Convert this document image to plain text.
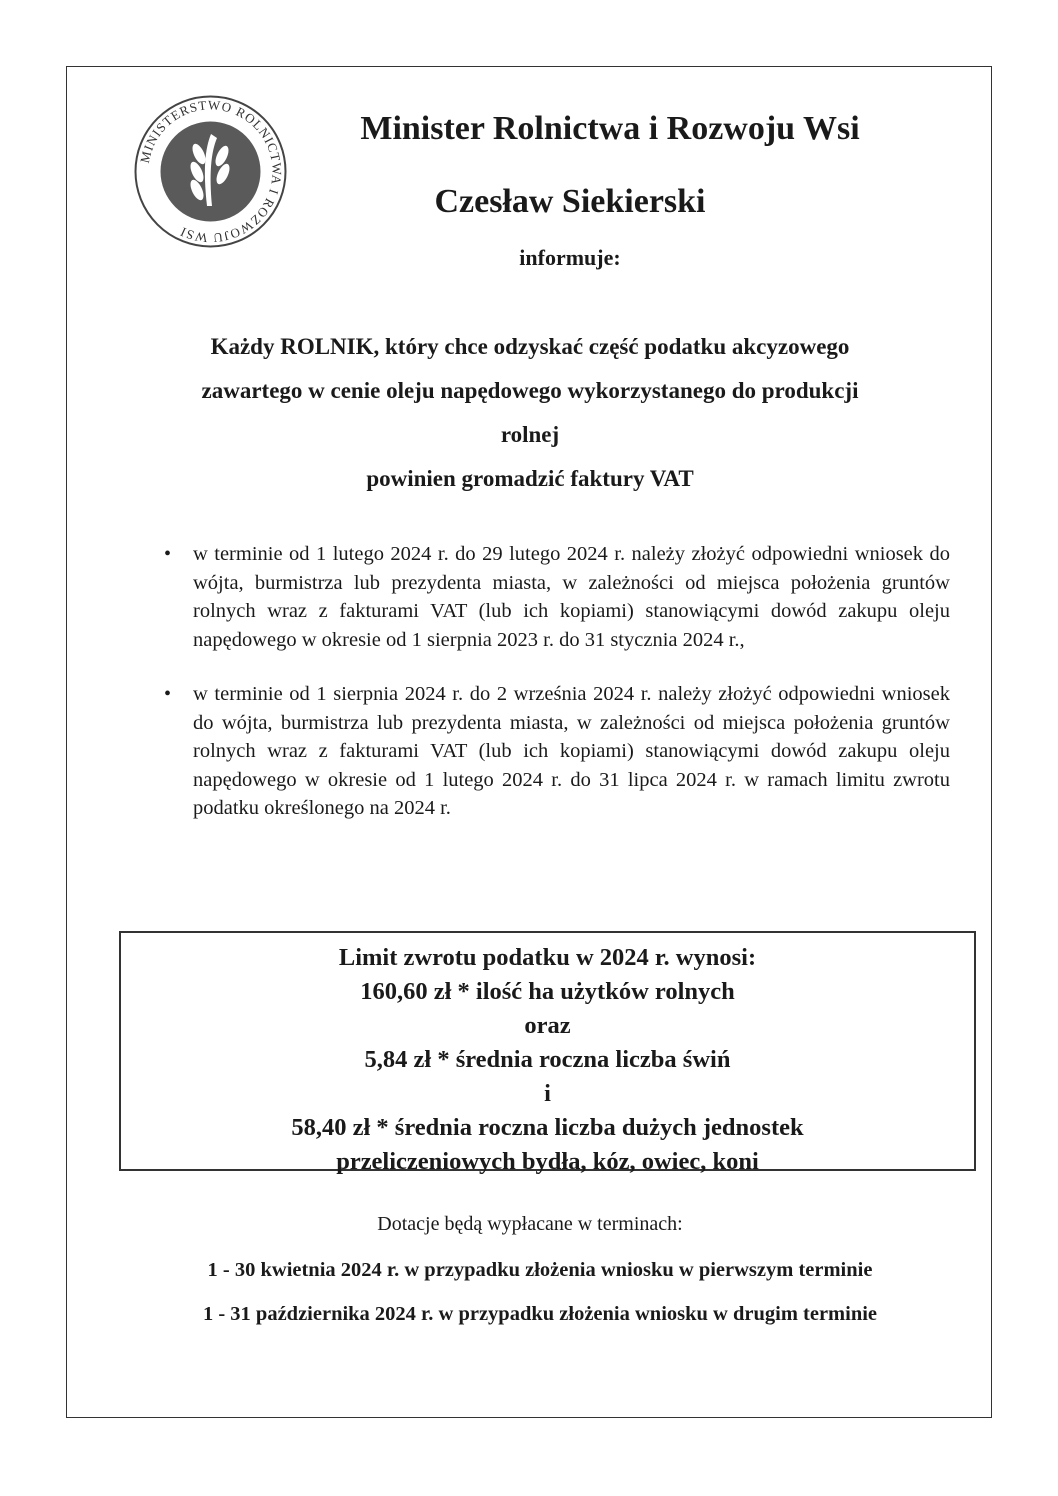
MINISTERSTWO ROLNICTWA I ROZWOJU WSI
Minister Rolnictwa i Rozwoju Wsi
Czesław Siekierski
informuje:
Każdy ROLNIK, który chce odzyskać część podatku akcyzowego
zawartego w cenie oleju napędowego wykorzystanego do produkcji
rolnej
powinien gromadzić faktury VAT
• w terminie od 1 lutego 2024 r. do 29 lutego 2024 r. należy złożyć odpowiedni wniosek do wójta, burmistrza lub prezydenta miasta, w zależności od miejsca położenia gruntów rolnych wraz z fakturami VAT (lub ich kopiami) stanowiącymi dowód zakupu oleju napędowego w okresie od 1 sierpnia 2023 r. do 31 stycznia 2024 r.,
• w terminie od 1 sierpnia 2024 r. do 2 września 2024 r. należy złożyć odpowiedni wniosek do wójta, burmistrza lub prezydenta miasta, w zależności od miejsca położenia gruntów rolnych wraz z fakturami VAT (lub ich kopiami) stanowiącymi dowód zakupu oleju napędowego w okresie od 1 lutego 2024 r. do 31 lipca 2024 r. w ramach limitu zwrotu podatku określonego na 2024 r.
Limit zwrotu podatku w 2024 r. wynosi:
160,60 zł * ilość ha użytków rolnych
oraz
5,84 zł * średnia roczna liczba świń
i
58,40 zł * średnia roczna liczba dużych jednostek
przeliczeniowych bydła, kóz, owiec, koni
Dotacje będą wypłacane w terminach:
1 - 30 kwietnia 2024 r. w przypadku złożenia wniosku w pierwszym terminie
1 - 31 października 2024 r. w przypadku złożenia wniosku w drugim terminie
